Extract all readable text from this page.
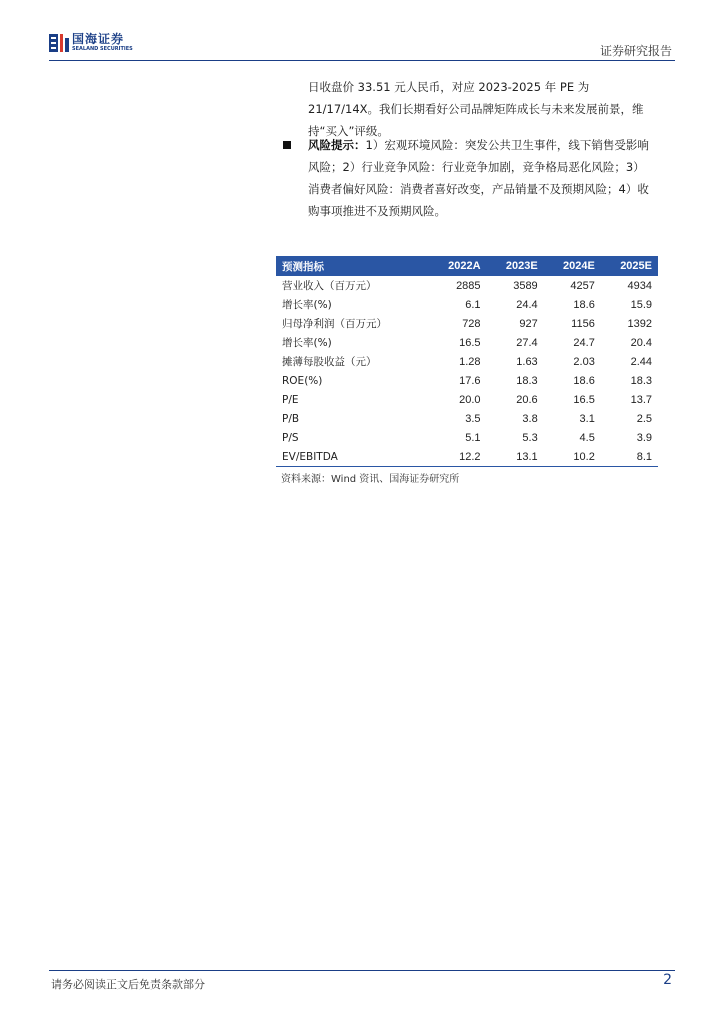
国海证券
SEALAND SECURITIES	证券研究报告
日收盘价 33.51 元人民币，对应 2023-2025 年 PE 为 21/17/14X。我们长期看好公司品牌矩阵成长与未来发展前景，维持“买入”评级。
风险提示：1）宏观环境风险：突发公共卫生事件，线下销售受影响风险；2）行业竞争风险：行业竞争加剧，竞争格局恶化风险；3）消费者偏好风险：消费者喜好改变，产品销量不及预期风险；4）收购事项推进不及预期风险。
预测指标	2022A	2023E	2024E	2025E
营业收入（百万元）	2885	3589	4257	4934
增长率(%)	6.1	24.4	18.6	15.9
归母净利润（百万元）	728	927	1156	1392
增长率(%)	16.5	27.4	24.7	20.4
摊薄每股收益（元）	1.28	1.63	2.03	2.44
ROE(%)	17.6	18.3	18.6	18.3
P/E	20.0	20.6	16.5	13.7
P/B	3.5	3.8	3.1	2.5
P/S	5.1	5.3	4.5	3.9
EV/EBITDA	12.2	13.1	10.2	8.1
资料来源：Wind 资讯、国海证券研究所
请务必阅读正文后免责条款部分	2
